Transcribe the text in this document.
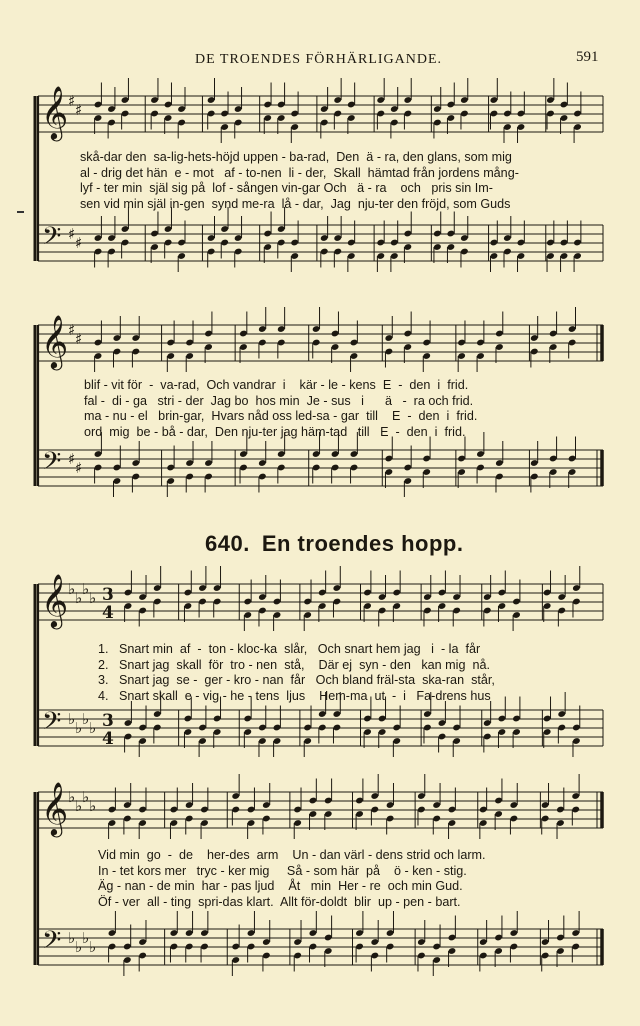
DE TROENDES FÖRHÄRLIGANDE.	591
𝄞
𝄢
♯ ♯
♯ ♯
𝄞
𝄢
♯ ♯
♯ ♯
𝄞
𝄢
♭ ♭ ♭ ♭
♭ ♭ ♭ ♭
3
4
3
4
𝄞
𝄢
♭ ♭ ♭ ♭
♭ ♭ ♭ ♭
skå-dar den  sa-lig-hets-höjd uppen - ba-rad,  Den  ä - ra, den glans, som mig
al - drig det hän  e - mot   af - to-nen  li - der,  Skall  hämtad från jordens mång-
lyf - ter min  själ sig på  lof - sången vin-gar Och   ä - ra    och   pris sin Im-
sen vid min själ in-gen  synd me-ra  lå - dar,  Jag  nju-ter den fröjd, som Guds
blif - vit för  -  va-rad,  Och vandrar  i    kär - le - kens  E  -  den  i  frid.
fal -  di - ga   stri - der  Jag bo  hos min  Je - sus   i      ä   -  ra och frid.
ma - nu - el   brin-gar,  Hvars nåd oss led-sa - gar  till    E  -  den  i  frid.
ord  mig  be - bå - dar,  Den nju-ter jag häm-tad   till   E  -  den  i  frid.
640. En troendes hopp.
1.   Snart min  af  -  ton - kloc-ka  slår,   Och snart hem jag   i  - la  får
2.   Snart jag  skall  för  tro - nen  stå,    Där ej  syn - den   kan mig  nå.
3.   Snart jag  se -  ger - kro - nan  får   Och bland fräl-sta  ska-ran  står,
4.   Snart skall  e - vig - he - tens  ljus    Hem-ma  ut  -  i   Fa-drens hus
Vid min  go  -  de    her-des  arm    Un - dan värl - dens strid och larm.
In - tet kors mer   tryc - ker mig     Så - som här  på    ö - ken - stig.
Äg - nan - de min  har - pas ljud    Åt   min  Her - re  och min Gud.
Öf - ver  all - ting  spri-das klart.  Allt för-doldt  blir  up - pen - bart.
